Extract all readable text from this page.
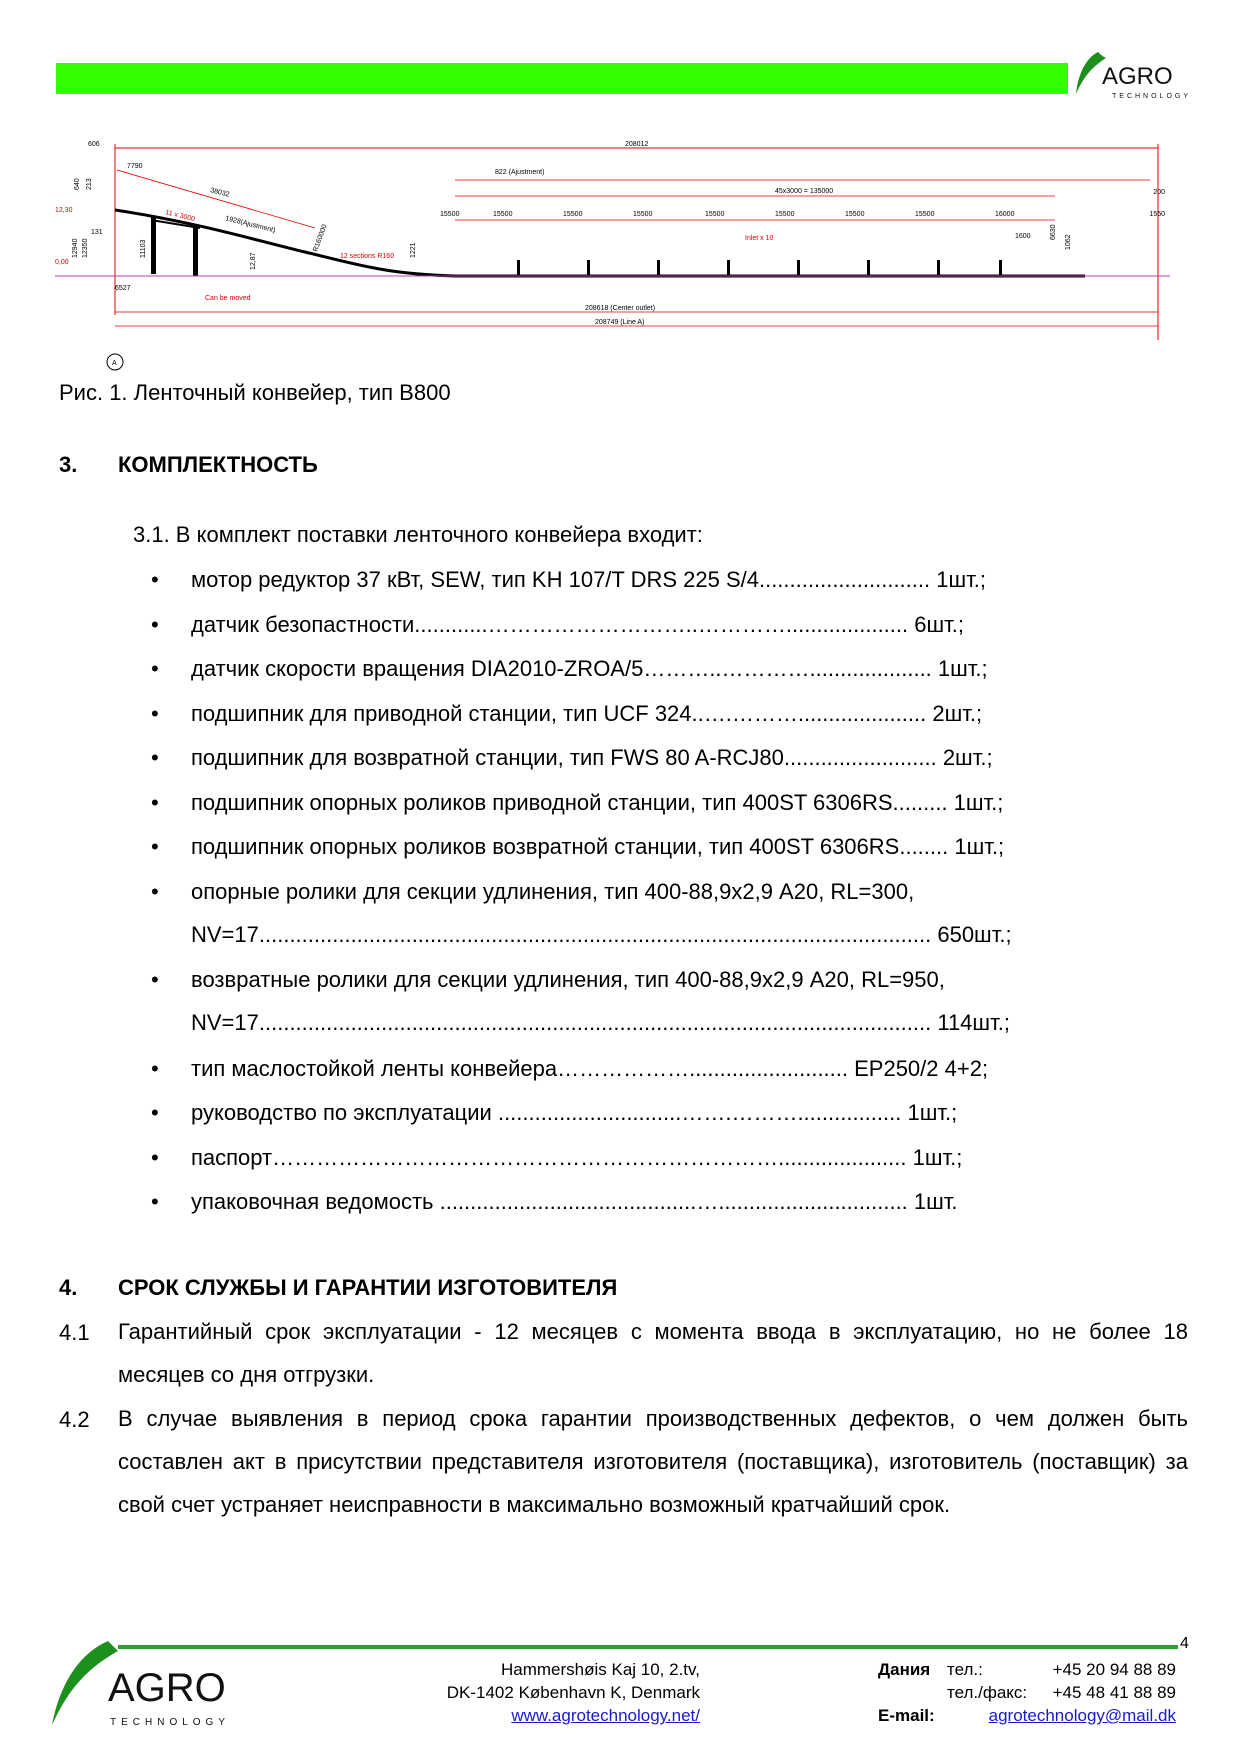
AGRO
TECHNOLOGY
606	208012
7790
38032
1928(Ajustment)
11 x 3000
822 (Ajustment)
45x3000 = 135000	200
12,30
640 213
12940 12350
131
0,00
11103
12,87
R160000
12 sections R160 1221
15500	15500	15500	15500	15500	15500	15500	15500	16000	1550
Inlet x 10	1600	6630
1062
6527
Can be moved
208618 (Center outlet)
208749 (Line A)
A
Рис. 1. Ленточный конвейер, тип В800
3. КОМПЛЕКТНОСТЬ
3.1. В комплект поставки ленточного конвейера входит:
• мотор редуктор 37 кВт, SEW, тип KH 107/T DRS 225 S/4............................ 1шт.;
• датчик безопастности............………………………..………….................... 6шт.;
• датчик скорости вращения DIA2010-ZROA/5………..………….................... 1шт.;
• подшипник для приводной станции, тип UCF 324..….………..................... 2шт.;
• подшипник для возвратной станции, тип FWS 80 A-RCJ80......................... 2шт.;
• подшипник опорных роликов приводной станции, тип 400ST 6306RS......... 1шт.;
• подшипник опорных роликов возвратной станции, тип 400ST 6306RS........ 1шт.;
• опорные ролики для секции удлинения, тип 400-88,9х2,9 А20, RL=300,
NV=17.............................................................................................................. 650шт.;
• возвратные ролики для секции удлинения, тип 400-88,9х2,9 А20, RL=950,
NV=17.............................................................................................................. 114шт.;
• тип маслостойкой ленты конвейера……………….......................... EP250/2 4+2;
• руководство по эксплуатации ..............................…….………................. 1шт.;
• паспорт……………………………………………………………..................... 1шт.;
• упаковочная ведомость ..........................................…............................... 1шт.
4. СРОК СЛУЖБЫ И ГАРАНТИИ ИЗГОТОВИТЕЛЯ
4.1 Гарантийный срок эксплуатации - 12 месяцев с момента ввода в эксплуатацию, но не более 18 месяцев со дня отгрузки.
4.2 В случае выявления в период срока гарантии производственных дефектов, о чем должен быть составлен акт в присутствии представителя изготовителя (поставщика), изготовитель (поставщик) за свой счет устраняет неисправности в максимально возможный кратчайший срок.
4
AGRO
TECHNOLOGY
Hammershøis Kaj 10, 2.tv,
DK-1402 København K, Denmark
www.agrotechnology.net/
Дания тел.:	+45 20 94 88 89
тел./факс: +45 48 41 88 89
E-mail:	agrotechnology@mail.dk
